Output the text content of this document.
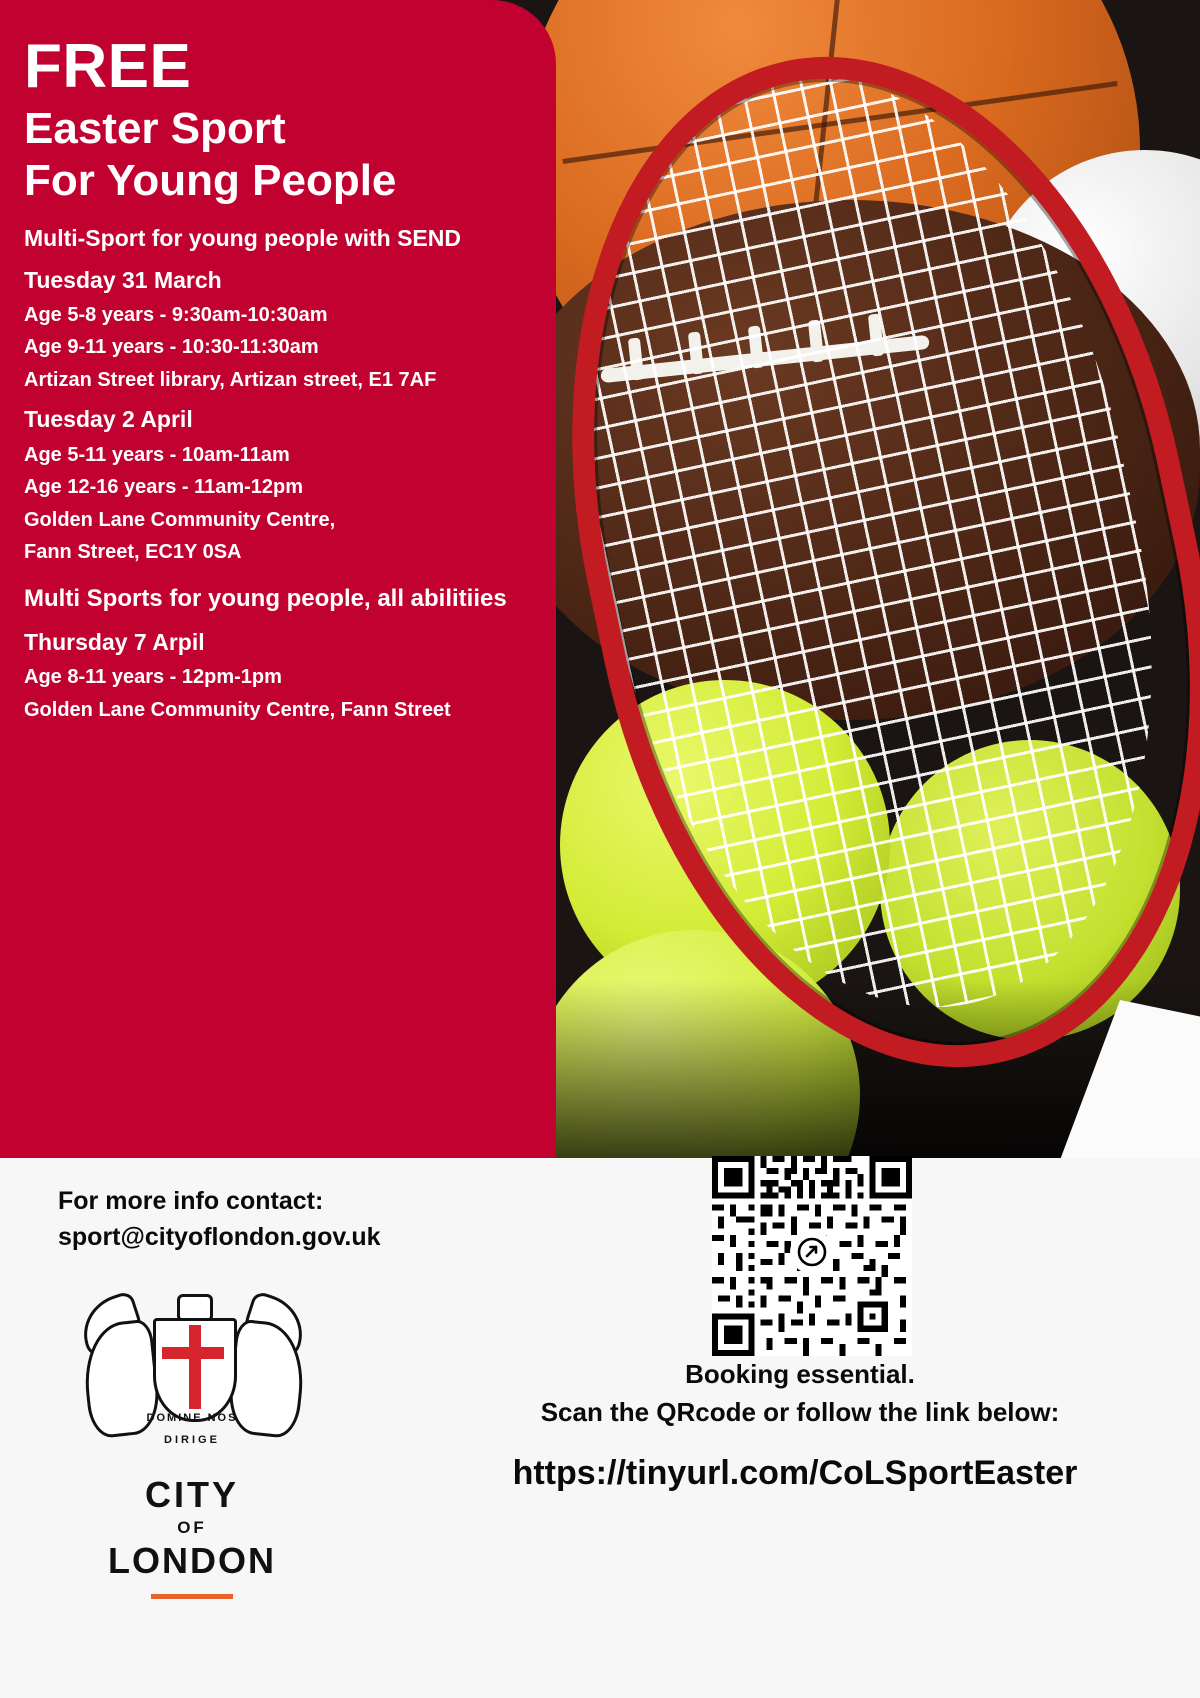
FREE
Easter Sport
For Young People
Multi-Sport for young people with SEND
Tuesday 31 March
Age 5-8 years - 9:30am-10:30am
Age 9-11 years - 10:30-11:30am
Artizan Street library, Artizan street, E1 7AF
Tuesday 2 April
Age 5-11 years - 10am-11am
Age 12-16 years - 11am-12pm
Golden Lane Community Centre,
Fann Street, EC1Y 0SA
Multi Sports for young people, all abilitiies
Thursday 7 Arpil
Age 8-11 years - 12pm-1pm
Golden Lane Community Centre, Fann Street
For more info contact:
sport@cityoflondon.gov.uk
DOMINE NOS
DIRIGE
CITY
OF
LONDON
Booking essential.
Scan the QRcode or follow the link below:
https://tinyurl.com/CoLSportEaster
